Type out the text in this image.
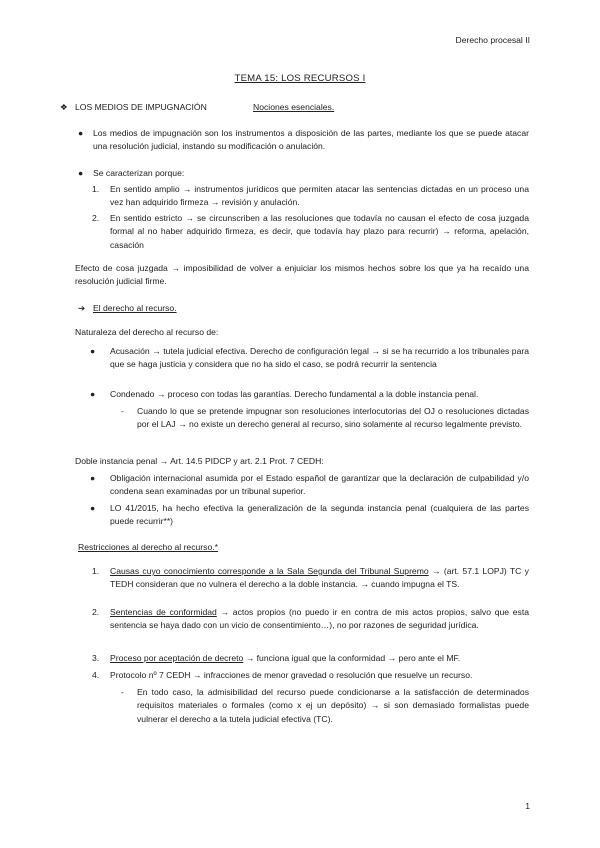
Derecho procesal II
TEMA 15: LOS RECURSOS I
❖ LOS MEDIOS DE IMPUGNACIÓN	Nociones esenciales.
● Los medios de impugnación son los instrumentos a disposición de las partes, mediante los que se puede atacar una resolución judicial, instando su modificación o anulación.
● Se caracterizan porque:
1. En sentido amplio → instrumentos jurídicos que permiten atacar las sentencias dictadas en un proceso una vez han adquirido firmeza → revisión y anulación.
2. En sentido estricto → se circunscriben a las resoluciones que todavía no causan el efecto de cosa juzgada formal al no haber adquirido firmeza, es decir, que todavía hay plazo para recurrir) → reforma, apelación, casación
Efecto de cosa juzgada → imposibilidad de volver a enjuiciar los mismos hechos sobre los que ya ha recaído una resolución judicial firme.
➔ El derecho al recurso.
Naturaleza del derecho al recurso de:
● Acusación → tutela judicial efectiva. Derecho de configuración legal → si se ha recurrido a los tribunales para que se haga justicia y considera que no ha sido el caso, se podrá recurrir la sentencia
● Condenado → proceso con todas las garantías. Derecho fundamental a la doble instancia penal.
- Cuando lo que se pretende impugnar son resoluciones interlocutorias del OJ o resoluciones dictadas por el LAJ → no existe un derecho general al recurso, sino solamente al recurso legalmente previsto.
Doble instancia penal → Art. 14.5 PIDCP y art. 2.1 Prot. 7 CEDH:
● Obligación internacional asumida por el Estado español de garantizar que la declaración de culpabilidad y/o condena sean examinadas por un tribunal superior.
● LO 41/2015, ha hecho efectiva la generalización de la segunda instancia penal (cualquiera de las partes puede recurrir**)
Restricciones al derecho al recurso.*
1. Causas cuyo conocimiento corresponde a la Sala Segunda del Tribunal Supremo → (art. 57.1 LOPJ) TC y TEDH consideran que no vulnera el derecho a la doble instancia. → cuando impugna el TS.
2. Sentencias de conformidad → actos propios (no puedo ir en contra de mis actos propios, salvo que esta sentencia se haya dado con un vicio de consentimiento…), no por razones de seguridad jurídica.
3. Proceso por aceptación de decreto → funciona igual que la conformidad → pero ante el MF.
4. Protocolo nº 7 CEDH → infracciones de menor gravedad o resolución que resuelve un recurso.
- En todo caso, la admisibilidad del recurso puede condicionarse a la satisfacción de determinados requisitos materiales o formales (como x ej un depósito) → si son demasiado formalistas puede vulnerar el derecho a la tutela judicial efectiva (TC).
1
